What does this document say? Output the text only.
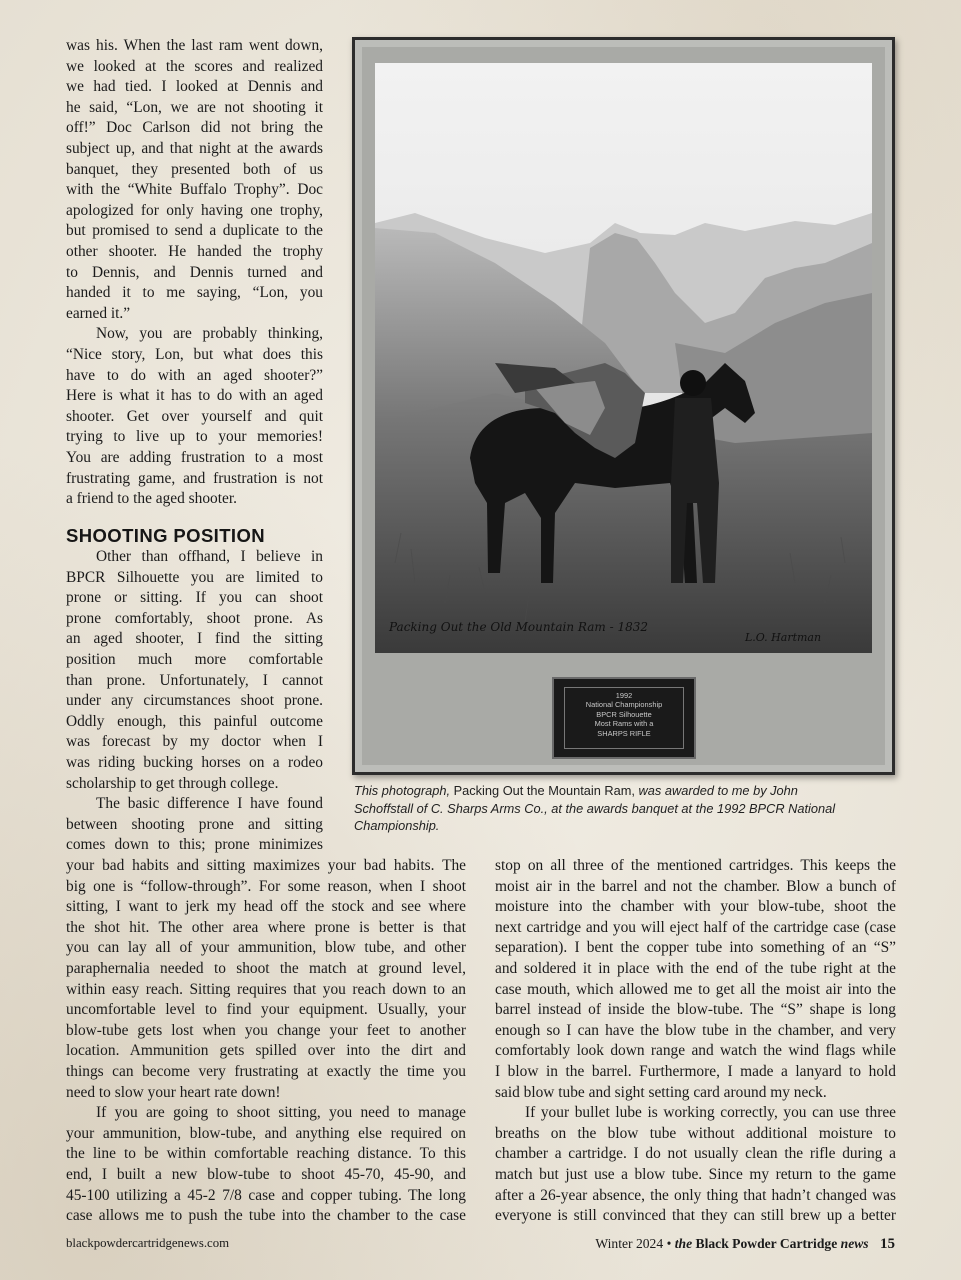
was his. When the last ram went down,
we looked at the scores and realized
we had tied. I looked at Dennis and
he said, “Lon, we are not shooting it
off!” Doc Carlson did not bring the
subject up, and that night at the awards
banquet, they presented both of us
with the “White Buffalo Trophy”. Doc
apologized for only having one trophy,
but promised to send a duplicate to the
other shooter. He handed the trophy
to Dennis, and Dennis turned and
handed it to me saying, “Lon, you
earned it.”
Now, you are probably thinking,
“Nice story, Lon, but what does this
have to do with an aged shooter?”
Here is what it has to do with an aged
shooter. Get over yourself and quit
trying to live up to your memories!
You are adding frustration to a most
frustrating game, and frustration is not
a friend to the aged shooter.
SHOOTING POSITION
Other than offhand, I believe in
BPCR Silhouette you are limited to
prone or sitting. If you can shoot
prone comfortably, shoot prone. As
an aged shooter, I find the sitting
position much more comfortable
than prone. Unfortunately, I cannot
under any circumstances shoot prone.
Oddly enough, this painful outcome
was forecast by my doctor when I
was riding bucking horses on a rodeo
scholarship to get through college.
The basic difference I have found
between shooting prone and sitting
comes down to this; prone minimizes
your bad habits and sitting maximizes your bad habits. The
big one is “follow-through”. For some reason, when I shoot
sitting, I want to jerk my head off the stock and see where
the shot hit. The other area where prone is better is that
you can lay all of your ammunition, blow tube, and other
paraphernalia needed to shoot the match at ground level,
within easy reach. Sitting requires that you reach down to an
uncomfortable level to find your equipment. Usually, your
blow-tube gets lost when you change your feet to another
location. Ammunition gets spilled over into the dirt and
things can become very frustrating at exactly the time you
need to slow your heart rate down!
If you are going to shoot sitting, you need to manage
your ammunition, blow-tube, and anything else required on
the line to be within comfortable reaching distance. To this
end, I built a new blow-tube to shoot 45-70, 45-90, and
45-100 utilizing a 45-2 7/8 case and copper tubing. The long
case allows me to push the tube into the chamber to the case
stop on all three of the mentioned cartridges. This keeps the
moist air in the barrel and not the chamber. Blow a bunch of
moisture into the chamber with your blow-tube, shoot the
next cartridge and you will eject half of the cartridge case (case
separation). I bent the copper tube into something of an “S”
and soldered it in place with the end of the tube right at the
case mouth, which allowed me to get all the moist air into the
barrel instead of inside the blow-tube. The “S” shape is long
enough so I can have the blow tube in the chamber, and very
comfortably look down range and watch the wind flags while
I blow in the barrel. Furthermore, I made a lanyard to hold
said blow tube and sight setting card around my neck.
If your bullet lube is working correctly, you can use three
breaths on the blow tube without additional moisture to
chamber a cartridge. I do not usually clean the rifle during a
match but just use a blow tube. Since my return to the game
after a 26-year absence, the only thing that hadn’t changed was
everyone is still convinced that they can still brew up a better
Packing Out the Old Mountain Ram - 1832
L.O. Hartman
1992
National Championship
BPCR Silhouette
Most Rams with a
SHARPS RIFLE

This photograph, Packing Out the Mountain Ram, was awarded to me by John
Schoffstall of C. Sharps Arms Co., at the awards banquet at the 1992 BPCR National
Championship.

blackpowdercartridgenews.com	Winter 2024 • the Black Powder Cartridge news 15
